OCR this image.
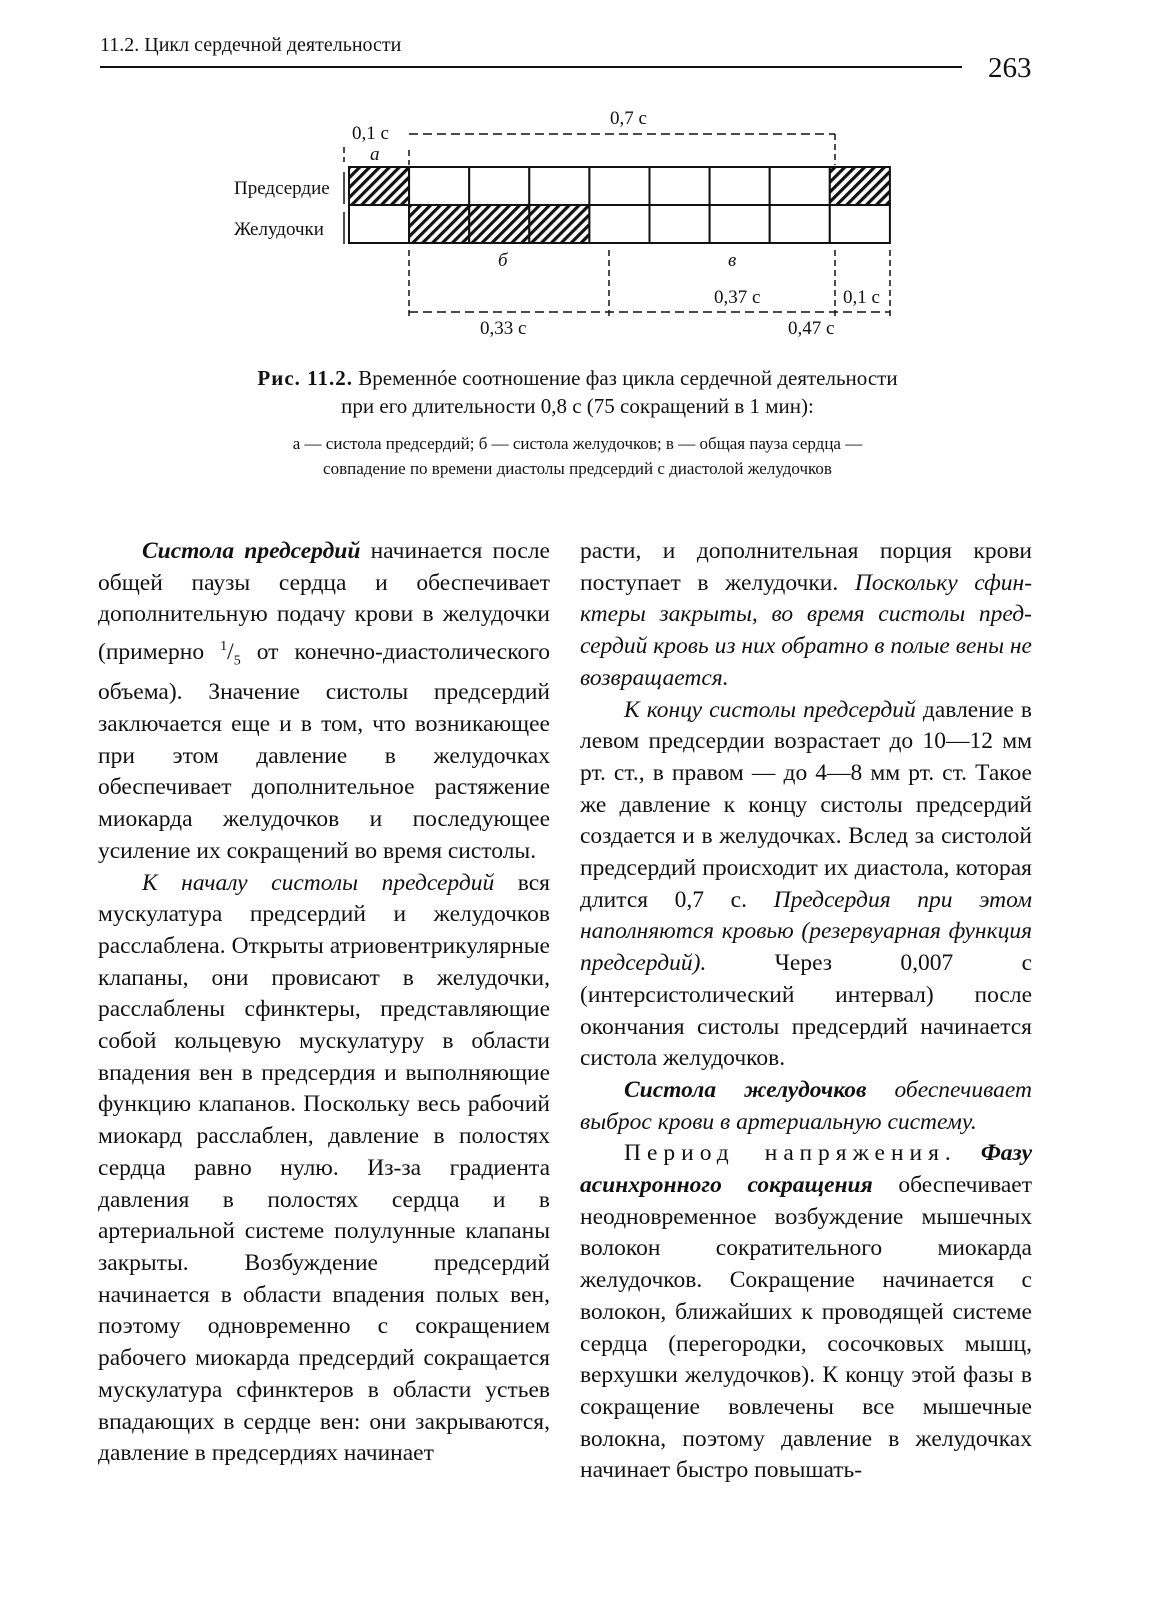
11.2. Цикл сердечной деятельности
263
Предсердие
Желудочки
0,1 с
а
0,7 с
б	в
0,37 с	0,1 с
0,33 с	0,47 с
Рис. 11.2. Временнóе соотношение фаз цикла сердечной деятельности
при его длительности 0,8 с (75 сокращений в 1 мин):
а — систола предсердий; б — систола желудочков; в — общая пауза сердца —
совпадение по времени диастолы предсердий с диастолой желудочков

Систола предсердий начинается после общей паузы сердца и обеспечивает дополнительную подачу крови в желудочки (примерно $^1/_5$ от конечно-диастолического объема). Значение систолы предсердий заключается еще и в том, что возникающее при этом давление в желудочках обеспечивает дополнительное растяжение миокарда желудочков и последующее усиление их сокращений во время систолы.

К началу систолы предсердий вся мускулатура предсердий и желудочков расслаблена. Открыты атриовентрикулярные клапаны, они провисают в желудочки, расслаблены сфинктеры, представляющие собой кольцевую мускулатуру в области впадения вен в предсердия и выполняющие функцию клапанов. Поскольку весь рабочий миокард расслаблен, давление в полостях сердца равно нулю. Из-за градиента давления в полостях сердца и в артериальной системе полулунные клапаны закрыты. Возбуждение предсердий начинается в области впадения полых вен, поэтому одновременно с сокращением рабочего миокарда предсердий сокращается мускулатура сфинктеров в области устьев впадающих в сердце вен: они закрываются, давление в предсердиях начинает

расти, и дополнительная порция крови поступает в желудочки. Поскольку сфинктеры закрыты, во время систолы предсердий кровь из них обратно в полые вены не возвращается.

К концу систолы предсердий давление в левом предсердии возрастает до 10—12 мм рт. ст., в правом — до 4—8 мм рт. ст. Такое же давление к концу систолы предсердий создается и в желудочках. Вслед за систолой предсердий происходит их диастола, которая длится 0,7 с. Предсердия при этом наполняются кровью (резервуарная функция предсердий). Через 0,007 с (интерсистолический интервал) после окончания систолы предсердий начинается систола желудочков.

Систола желудочков обеспечивает выброс крови в артериальную систему.

Период напряжения. Фазу асинхронного сокращения обеспечивает неодновременное возбуждение мышечных волокон сократительного миокарда желудочков. Сокращение начинается с волокон, ближайших к проводящей системе сердца (перегородки, сосочковых мышц, верхушки желудочков). К концу этой фазы в сокращение вовлечены все мышечные волокна, поэтому давление в желудочках начинает быстро повышать-
